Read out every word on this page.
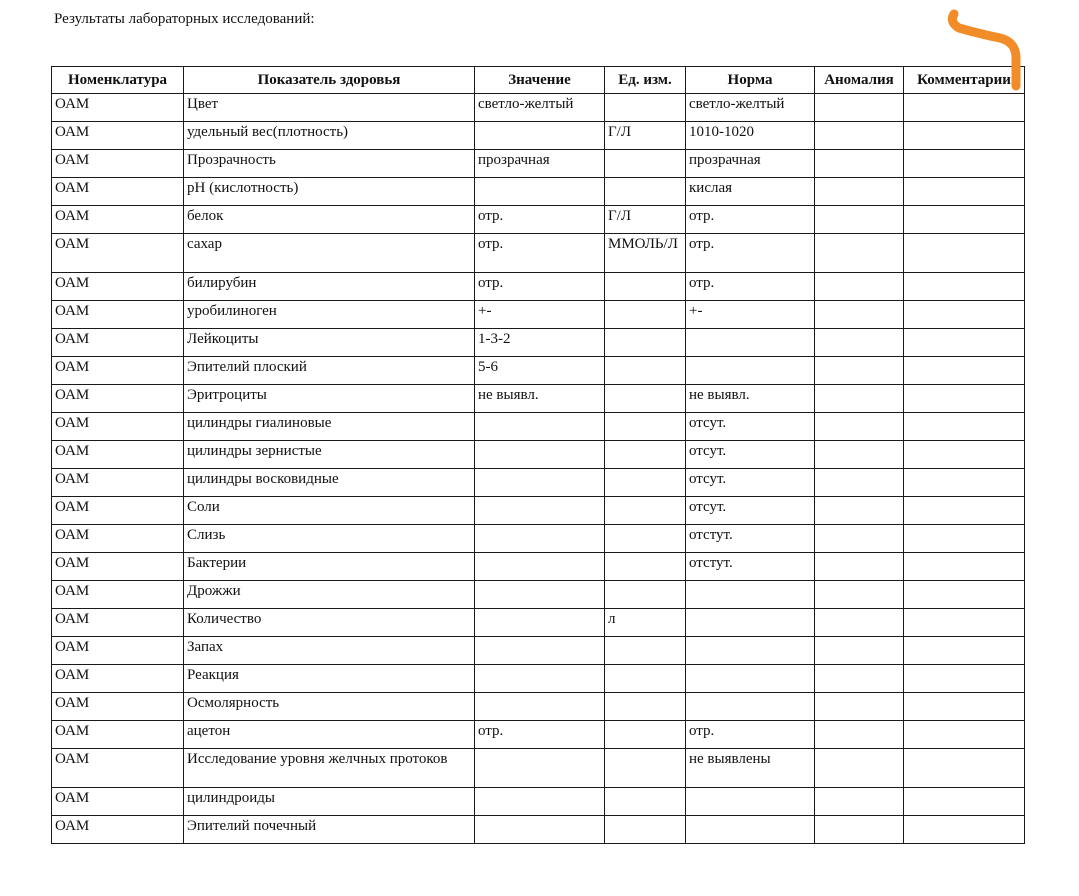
Результаты лабораторных исследований:
Номенклатура	Показатель здоровья	Значение	Ед. изм.	Норма	Аномалия	Комментарии
ОАМ	Цвет	светло-желтый		светло-желтый		
ОАМ	удельный вес(плотность)		Г/Л	1010-1020		
ОАМ	Прозрачность	прозрачная		прозрачная		
ОАМ	pH (кислотность)			кислая		
ОАМ	белок	отр.	Г/Л	отр.		
ОАМ	сахар	отр.	ММОЛЬ/Л	отр.		
ОАМ	билирубин	отр.		отр.		
ОАМ	уробилиноген	+-		+-		
ОАМ	Лейкоциты	1-3-2				
ОАМ	Эпителий плоский	5-6				
ОАМ	Эритроциты	не выявл.		не выявл.		
ОАМ	цилиндры гиалиновые			отсут.		
ОАМ	цилиндры зернистые			отсут.		
ОАМ	цилиндры восковидные			отсут.		
ОАМ	Соли			отсут.		
ОАМ	Слизь			отстут.		
ОАМ	Бактерии			отстут.		
ОАМ	Дрожжи					
ОАМ	Количество		л			
ОАМ	Запах					
ОАМ	Реакция					
ОАМ	Осмолярность					
ОАМ	ацетон	отр.		отр.		
ОАМ	Исследование уровня желчных протоков			не выявлены		
ОАМ	цилиндроиды					
ОАМ	Эпителий почечный					
